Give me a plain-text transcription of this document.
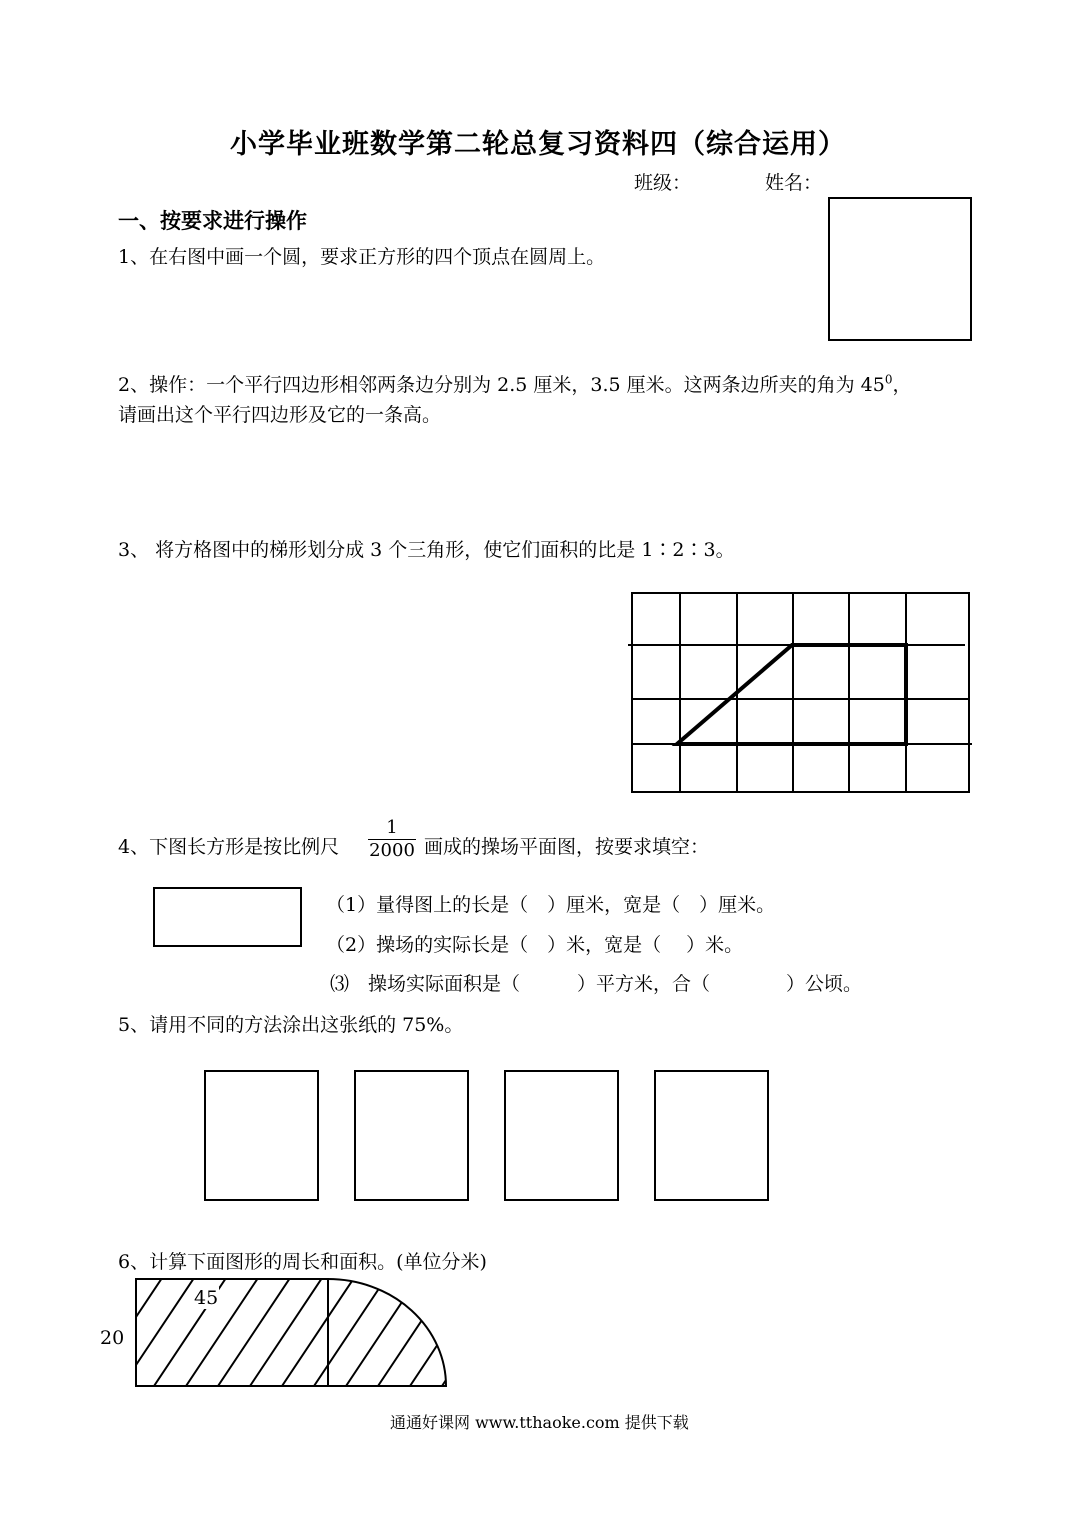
小学毕业班数学第二轮总复习资料四（综合运用）
班级：	姓名：
一、按要求进行操作
1、在右图中画一个圆，要求正方形的四个顶点在圆周上。
2、操作：一个平行四边形相邻两条边分别为 2.5 厘米，3.5 厘米。这两条边所夹的角为 $45^0$，
请画出这个平行四边形及它的一条高。
3、 将方格图中的梯形划分成 3 个三角形，使它们面积的比是 1∶2∶3。
4、下图长方形是按比例尺
1
2000 画成的操场平面图，按要求填空：
（1）量得图上的长是（　）厘米，宽是（　）厘米。
（2）操场的实际长是（　）米，宽是（　 ）米。
⑶　操场实际面积是（　　　）平方米，合（　　　　）公顷。
5、请用不同的方法涂出这张纸的 75%。
6、计算下面图形的周长和面积。(单位分米)
45
20
通通好课网 www.tthaoke.com 提供下载
